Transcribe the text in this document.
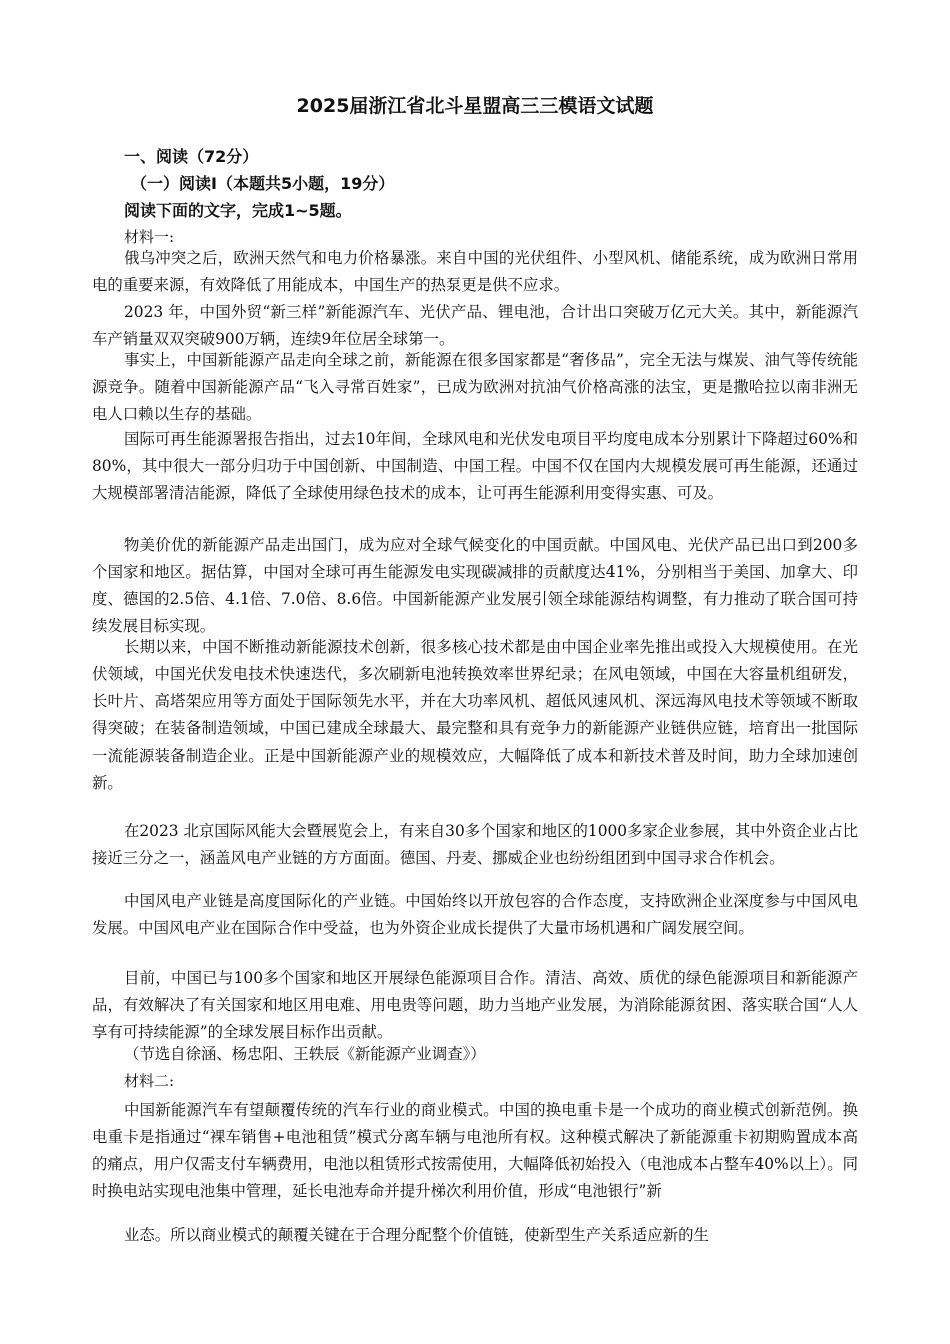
2025届浙江省北斗星盟高三三模语文试题
一、阅读（72分）
（一）阅读I（本题共5小题，19分）
阅读下面的文字，完成1~5题。
材料一:

俄乌冲突之后，欧洲天然气和电力价格暴涨。来自中国的光伏组件、小型风机、储能系统，成为欧洲日常用电的重要来源，有效降低了用能成本，中国生产的热泵更是供不应求。

2023 年，中国外贸“新三样”新能源汽车、光伏产品、锂电池，合计出口突破万亿元大关。其中，新能源汽车产销量双双突破900万辆，连续9年位居全球第一。

事实上，中国新能源产品走向全球之前，新能源在很多国家都是“奢侈品”，完全无法与煤炭、油气等传统能源竞争。随着中国新能源产品“飞入寻常百姓家”，已成为欧洲对抗油气价格高涨的法宝，更是撒哈拉以南非洲无电人口赖以生存的基础。

国际可再生能源署报告指出，过去10年间，全球风电和光伏发电项目平均度电成本分别累计下降超过60%和80%，其中很大一部分归功于中国创新、中国制造、中国工程。中国不仅在国内大规模发展可再生能源，还通过大规模部署清洁能源，降低了全球使用绿色技术的成本，让可再生能源利用变得实惠、可及。

物美价优的新能源产品走出国门，成为应对全球气候变化的中国贡献。中国风电、光伏产品已出口到200多个国家和地区。据估算，中国对全球可再生能源发电实现碳减排的贡献度达41%，分别相当于美国、加拿大、印度、德国的2.5倍、4.1倍、7.0倍、8.6倍。中国新能源产业发展引领全球能源结构调整，有力推动了联合国可持续发展目标实现。

长期以来，中国不断推动新能源技术创新，很多核心技术都是由中国企业率先推出或投入大规模使用。在光伏领域，中国光伏发电技术快速迭代，多次刷新电池转换效率世界纪录；在风电领域，中国在大容量机组研发，长叶片、高塔架应用等方面处于国际领先水平，并在大功率风机、超低风速风机、深远海风电技术等领域不断取得突破；在装备制造领域，中国已建成全球最大、最完整和具有竞争力的新能源产业链供应链，培育出一批国际一流能源装备制造企业。正是中国新能源产业的规模效应，大幅降低了成本和新技术普及时间，助力全球加速创新。

在2023 北京国际风能大会暨展览会上，有来自30多个国家和地区的1000多家企业参展，其中外资企业占比接近三分之一，涵盖风电产业链的方方面面。德国、丹麦、挪威企业也纷纷组团到中国寻求合作机会。

中国风电产业链是高度国际化的产业链。中国始终以开放包容的合作态度，支持欧洲企业深度参与中国风电发展。中国风电产业在国际合作中受益，也为外资企业成长提供了大量市场机遇和广阔发展空间。

目前，中国已与100多个国家和地区开展绿色能源项目合作。清洁、高效、质优的绿色能源项目和新能源产品，有效解决了有关国家和地区用电难、用电贵等问题，助力当地产业发展，为消除能源贫困、落实联合国“人人享有可持续能源”的全球发展目标作出贡献。

（节选自徐涵、杨忠阳、王轶辰《新能源产业调查》）
材料二:

中国新能源汽车有望颠覆传统的汽车行业的商业模式。中国的换电重卡是一个成功的商业模式创新范例。换电重卡是指通过“裸车销售+电池租赁”模式分离车辆与电池所有权。这种模式解决了新能源重卡初期购置成本高的痛点，用户仅需支付车辆费用，电池以租赁形式按需使用，大幅降低初始投入（电池成本占整车40%以上）。同时换电站实现电池集中管理，延长电池寿命并提升梯次利用价值，形成“电池银行”新

业态。所以商业模式的颠覆关键在于合理分配整个价值链，使新型生产关系适应新的生
